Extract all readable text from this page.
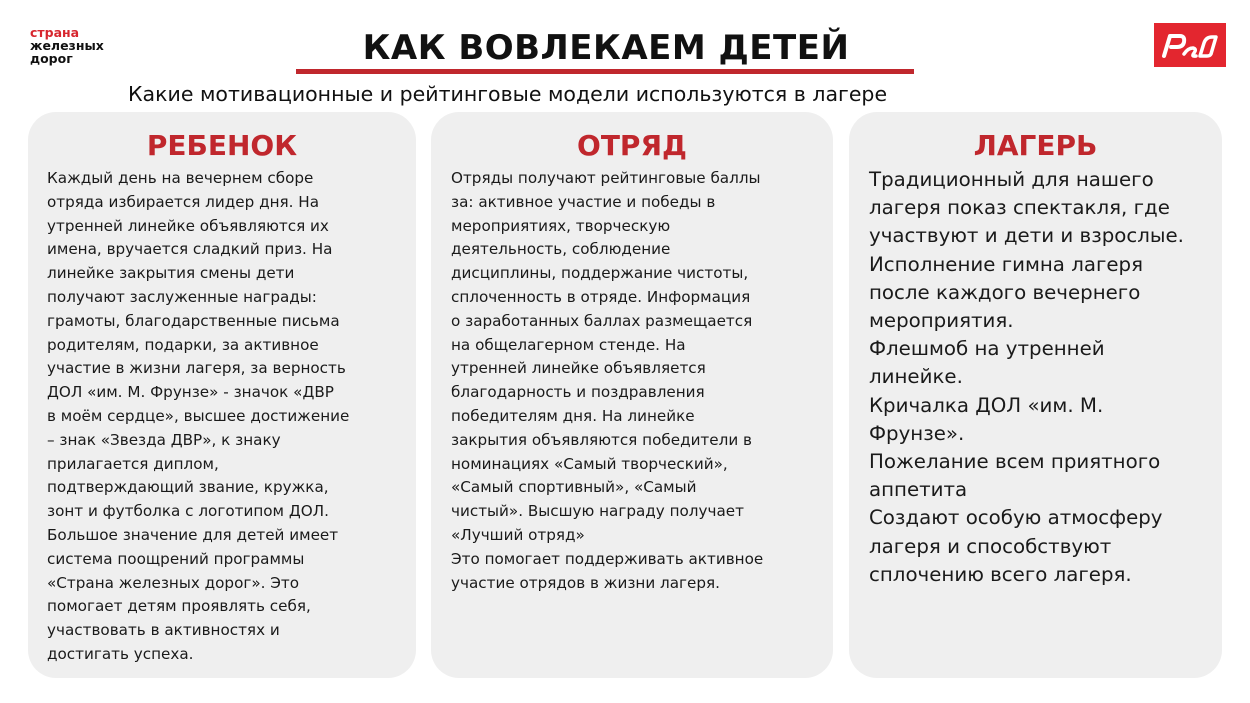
страна
железных
дорог	КАК ВОВЛЕКАЕМ ДЕТЕЙ
Какие мотивационные и рейтинговые модели используются в лагере
РЕБЕНОК
Каждый день на вечернем сборе
отряда избирается лидер дня. На
утренней линейке объявляются их
имена, вручается сладкий приз. На
линейке закрытия смены дети
получают заслуженные награды:
грамоты, благодарственные письма
родителям, подарки, за активное
участие в жизни лагеря, за верность
ДОЛ «им. М. Фрунзе» - значок «ДВР
в моём сердце», высшее достижение
– знак «Звезда ДВР», к знаку
прилагается диплом,
подтверждающий звание, кружка,
зонт и футболка с логотипом ДОЛ.
Большое значение для детей имеет
система поощрений программы
«Страна железных дорог». Это
помогает детям проявлять себя,
участвовать в активностях и
достигать успеха.
ОТРЯД
Отряды получают рейтинговые баллы
за: активное участие и победы в
мероприятиях, творческую
деятельность, соблюдение
дисциплины, поддержание чистоты,
сплоченность в отряде. Информация
о заработанных баллах размещается
на общелагерном стенде. На
утренней линейке объявляется
благодарность и поздравления
победителям дня. На линейке
закрытия объявляются победители в
номинациях «Самый творческий»,
«Самый спортивный», «Самый
чистый». Высшую награду получает
«Лучший отряд»
Это помогает поддерживать активное
участие отрядов в жизни лагеря.
ЛАГЕРЬ
Традиционный для нашего
лагеря показ спектакля, где
участвуют и дети и взрослые.
Исполнение гимна лагеря
после каждого вечернего
мероприятия.
Флешмоб на утренней
линейке.
Кричалка ДОЛ «им. М.
Фрунзе».
Пожелание всем приятного
аппетита
Создают особую атмосферу
лагеря и способствуют
сплочению всего лагеря.
